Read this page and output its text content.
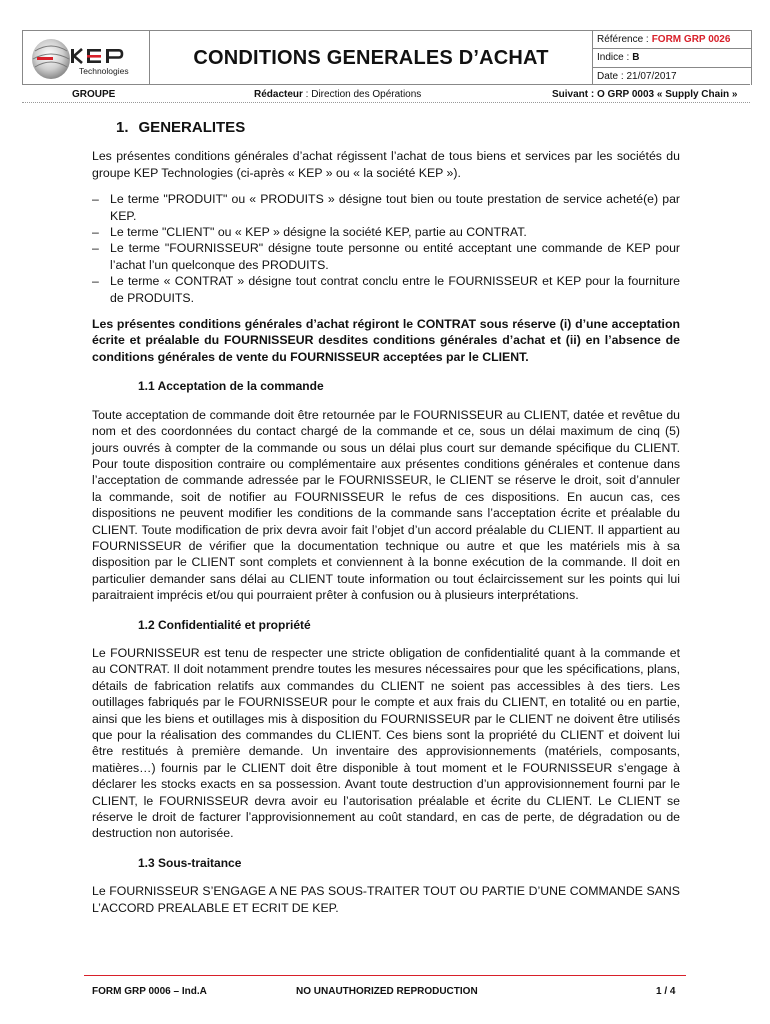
Technologies
CONDITIONS GENERALES D’ACHAT
Référence : FORM GRP 0026
Indice : B
Date : 21/07/2017
GROUPE	Rédacteur : Direction des Opérations	Suivant : O GRP 0003 « Supply Chain »
1. GENERALITES

Les présentes conditions générales d’achat régissent l’achat de tous biens et services par les sociétés du groupe KEP Technologies (ci-après « KEP » ou « la société KEP »).

– Le terme "PRODUIT" ou « PRODUITS » désigne tout bien ou toute prestation de service acheté(e) par KEP.
– Le terme "CLIENT" ou « KEP » désigne la société KEP, partie au CONTRAT.
– Le terme "FOURNISSEUR" désigne toute personne ou entité acceptant une commande de KEP pour l’achat l’un quelconque des PRODUITS.
– Le terme « CONTRAT » désigne tout contrat conclu entre le FOURNISSEUR et KEP pour la fourniture de PRODUITS.

Les présentes conditions générales d’achat régiront le CONTRAT sous réserve (i) d’une acceptation écrite et préalable du FOURNISSEUR desdites conditions générales d’achat et (ii) en l’absence de conditions générales de vente du FOURNISSEUR acceptées par le CLIENT.

1.1 Acceptation de la commande

Toute acceptation de commande doit être retournée par le FOURNISSEUR au CLIENT, datée et revêtue du nom et des coordonnées du contact chargé de la commande et ce, sous un délai maximum de cinq (5) jours ouvrés à compter de la commande ou sous un délai plus court sur demande spécifique du CLIENT. Pour toute disposition contraire ou complémentaire aux présentes conditions générales et contenue dans l’acceptation de commande adressée par le FOURNISSEUR, le CLIENT se réserve le droit, soit d’annuler la commande, soit de notifier au FOURNISSEUR le refus de ces dispositions. En aucun cas, ces dispositions ne peuvent modifier les conditions de la commande sans l’acceptation écrite et préalable du CLIENT. Toute modification de prix devra avoir fait l’objet d’un accord préalable du CLIENT. Il appartient au FOURNISSEUR de vérifier que la documentation technique ou autre et que les matériels mis à sa disposition par le CLIENT sont complets et conviennent à la bonne exécution de la commande. Il doit en particulier demander sans délai au CLIENT toute information ou tout éclaircissement sur les points qui lui paraitraient imprécis et/ou qui pourraient prêter à confusion ou à plusieurs interprétations.

1.2 Confidentialité et propriété

Le FOURNISSEUR est tenu de respecter une stricte obligation de confidentialité quant à la commande et au CONTRAT. Il doit notamment prendre toutes les mesures nécessaires pour que les spécifications, plans, détails de fabrication relatifs aux commandes du CLIENT ne soient pas accessibles à des tiers. Les outillages fabriqués par le FOURNISSEUR pour le compte et aux frais du CLIENT, en totalité ou en partie, ainsi que les biens et outillages mis à disposition du FOURNISSEUR par le CLIENT ne doivent être utilisés que pour la réalisation des commandes du CLIENT. Ces biens sont la propriété du CLIENT et doivent lui être restitués à première demande. Un inventaire des approvisionnements (matériels, composants, matières…) fournis par le CLIENT doit être disponible à tout moment et le FOURNISSEUR s’engage à déclarer les stocks exacts en sa possession. Avant toute destruction d’un approvisionnement fourni par le CLIENT, le FOURNISSEUR devra avoir eu l’autorisation préalable et écrite du CLIENT. Le CLIENT se réserve le droit de facturer l’approvisionnement au coût standard, en cas de perte, de dégradation ou de destruction non autorisée.

1.3 Sous-traitance

Le FOURNISSEUR S’ENGAGE A NE PAS SOUS-TRAITER TOUT OU PARTIE D’UNE COMMANDE SANS L’ACCORD PREALABLE ET ECRIT DE KEP.

FORM GRP 0006 – Ind.A	NO UNAUTHORIZED REPRODUCTION	1 / 4
